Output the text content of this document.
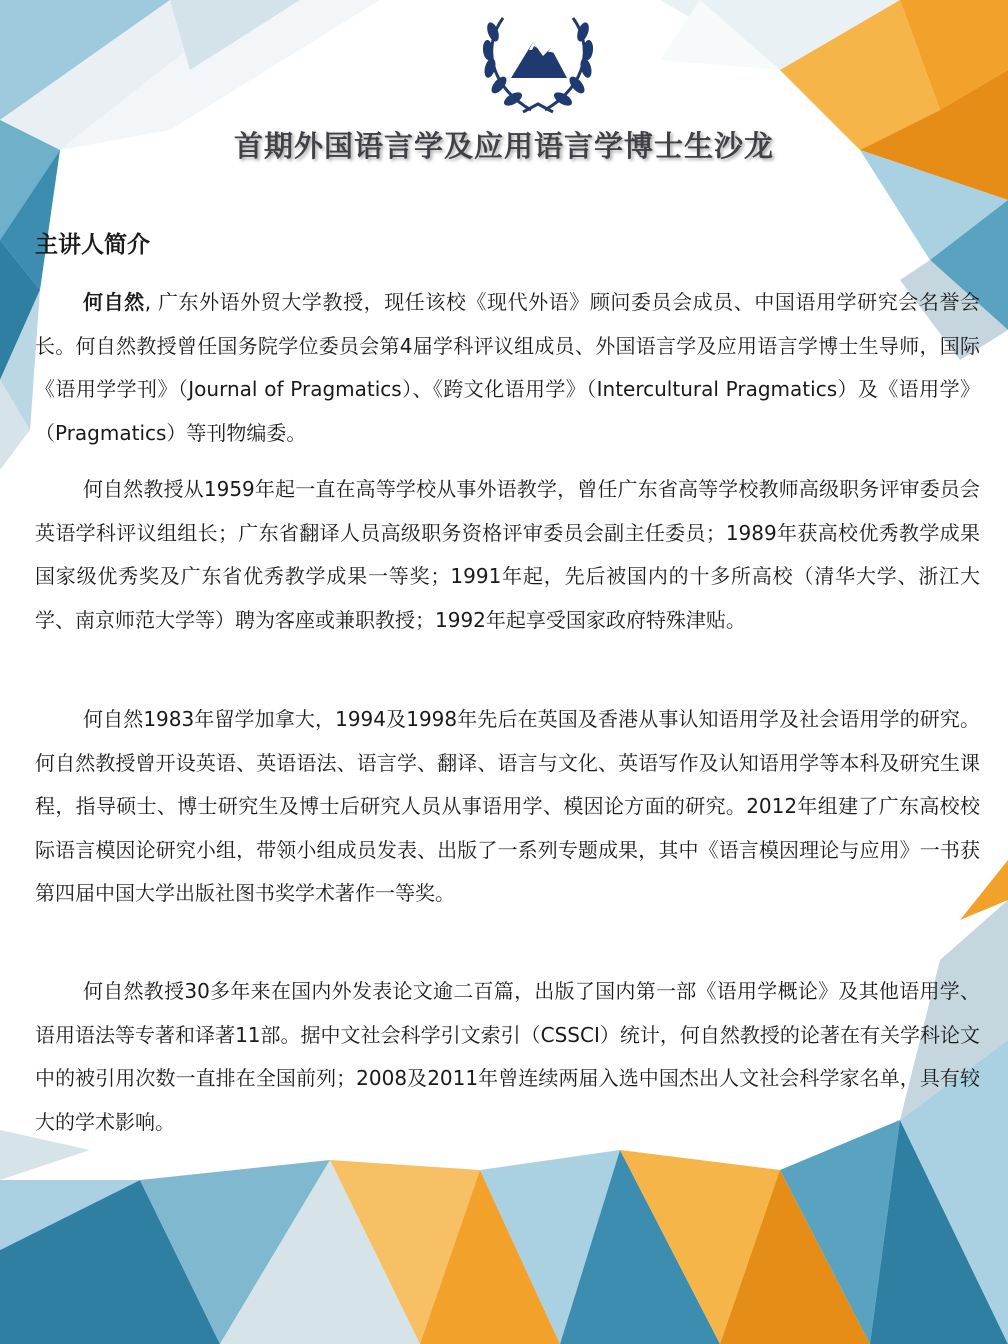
首期外国语言学及应用语言学博士生沙龙
主讲人简介

何自然, 广东外语外贸大学教授，现任该校《现代外语》顾问委员会成员、中国语用学研究会名誉会长。何自然教授曾任国务院学位委员会第4届学科评议组成员、外国语言学及应用语言学博士生导师，国际《语用学学刊》（Journal of Pragmatics）、《跨文化语用学》（Intercultural Pragmatics）及《语用学》（Pragmatics）等刊物编委。

何自然教授从1959年起一直在高等学校从事外语教学，曾任广东省高等学校教师高级职务评审委员会英语学科评议组组长；广东省翻译人员高级职务资格评审委员会副主任委员；1989年获高校优秀教学成果国家级优秀奖及广东省优秀教学成果一等奖；1991年起，先后被国内的十多所高校（清华大学、浙江大学、南京师范大学等）聘为客座或兼职教授；1992年起享受国家政府特殊津贴。

何自然1983年留学加拿大，1994及1998年先后在英国及香港从事认知语用学及社会语用学的研究。何自然教授曾开设英语、英语语法、语言学、翻译、语言与文化、英语写作及认知语用学等本科及研究生课程，指导硕士、博士研究生及博士后研究人员从事语用学、模因论方面的研究。2012年组建了广东高校校际语言模因论研究小组，带领小组成员发表、出版了一系列专题成果，其中《语言模因理论与应用》一书获第四届中国大学出版社图书奖学术著作一等奖。

何自然教授30多年来在国内外发表论文逾二百篇，出版了国内第一部《语用学概论》及其他语用学、语用语法等专著和译著11部。据中文社会科学引文索引（CSSCI）统计，何自然教授的论著在有关学科论文中的被引用次数一直排在全国前列；2008及2011年曾连续两届入选中国杰出人文社会科学家名单，具有较大的学术影响。
